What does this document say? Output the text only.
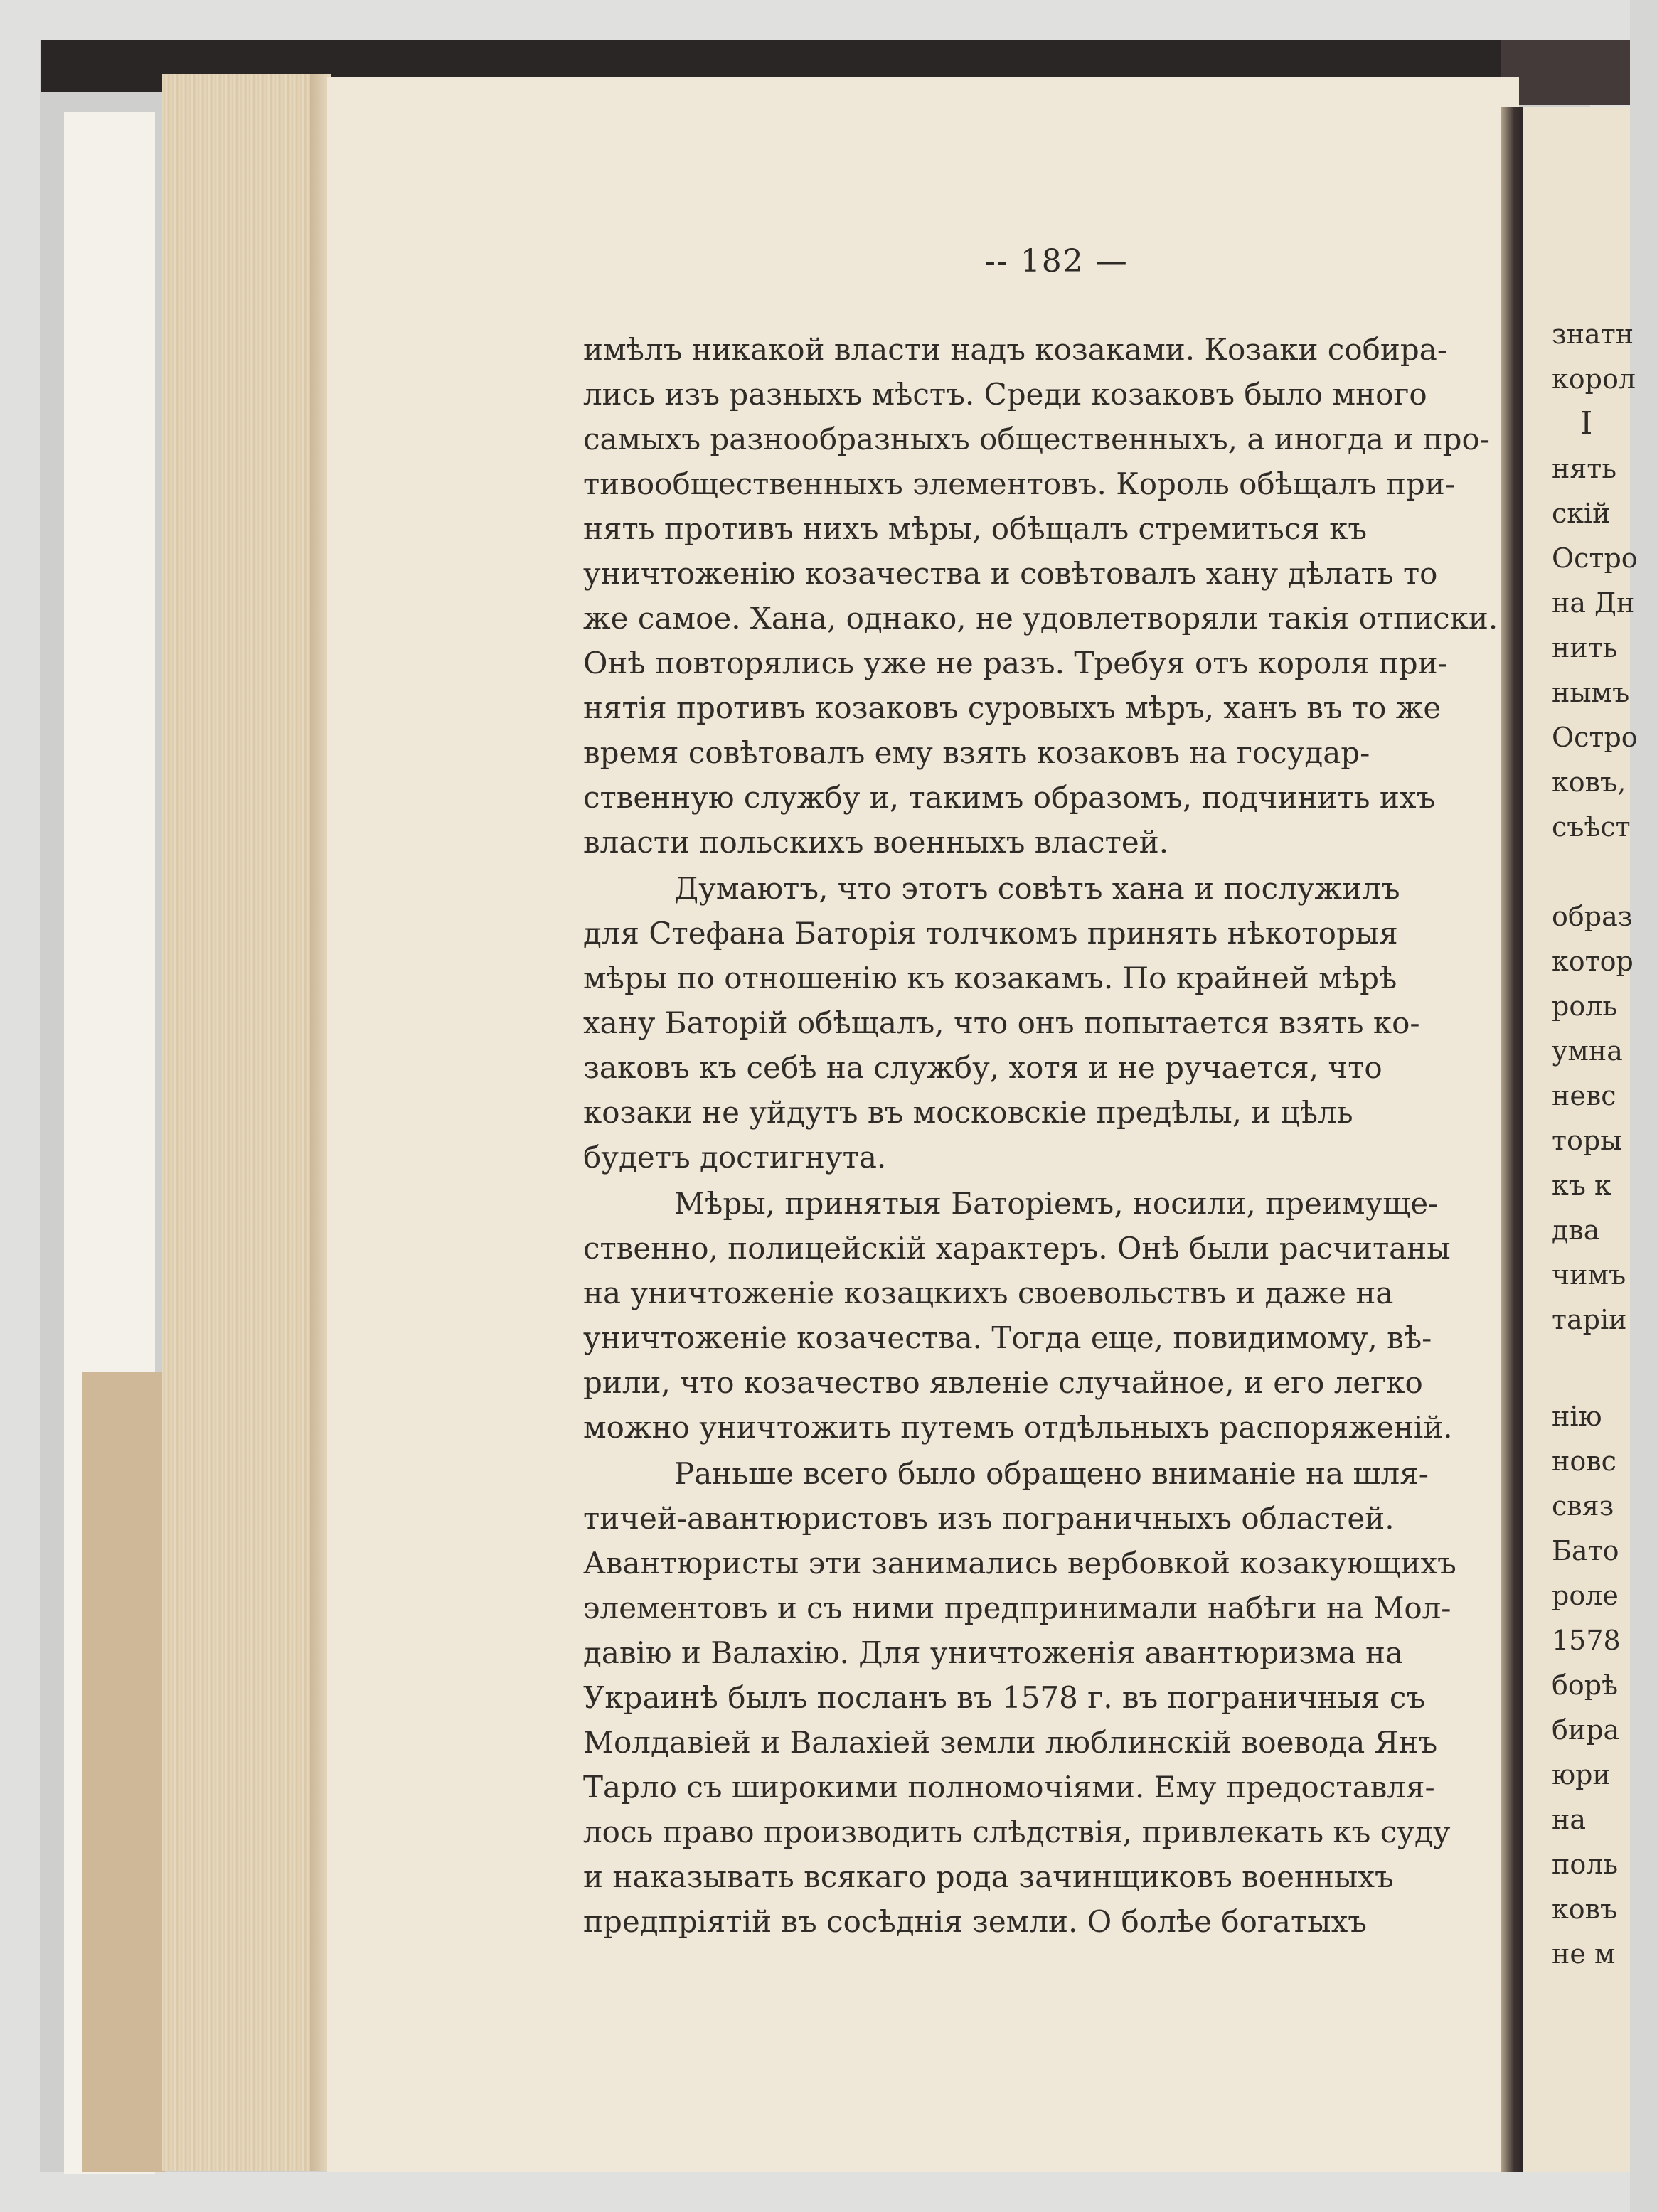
-- 182 —
имѣлъ никакой власти надъ козаками. Козаки собира-
лись изъ разныхъ мѣстъ. Среди козаковъ было много
самыхъ разнообразныхъ общественныхъ, а иногда и про-
тивообщественныхъ элементовъ. Король обѣщалъ при-
нять противъ нихъ мѣры, обѣщалъ стремиться къ
уничтоженію козачества и совѣтовалъ хану дѣлать то
же самое. Хана, однако, не удовлетворяли такія отписки.
Онѣ повторялись уже не разъ. Требуя отъ короля при-
нятія противъ козаковъ суровыхъ мѣръ, ханъ въ то же
время совѣтовалъ ему взять козаковъ на государ-
ственную службу и, такимъ образомъ, подчинить ихъ
власти польскихъ военныхъ властей.
Думаютъ, что этотъ совѣтъ хана и послужилъ
для Стефана Баторія толчкомъ принять нѣкоторыя
мѣры по отношенію къ козакамъ. По крайней мѣрѣ
хану Баторій обѣщалъ, что онъ попытается взять ко-
заковъ къ себѣ на службу, хотя и не ручается, что
козаки не уйдутъ въ московскіе предѣлы, и цѣль
будетъ достигнута.
Мѣры, принятыя Баторіемъ, носили, преимуще-
ственно, полицейскій характеръ. Онѣ были расчитаны
на уничтоженіе козацкихъ своевольствъ и даже на
уничтоженіе козачества. Тогда еще, повидимому, вѣ-
рили, что козачество явленіе случайное, и его легко
можно уничтожить путемъ отдѣльныхъ распоряженій.
Раньше всего было обращено вниманіе на шля-
тичей-авантюристовъ изъ пограничныхъ областей.
Авантюристы эти занимались вербовкой козакующихъ
элементовъ и съ ними предпринимали набѣги на Мол-
давію и Валахію. Для уничтоженія авантюризма на
Украинѣ былъ посланъ въ 1578 г. въ пограничныя съ
Молдавіей и Валахіей земли люблинскій воевода Янъ
Тарло съ широкими полномочіями. Ему предоставля-
лось право производить слѣдствія, привлекать къ суду
и наказывать всякаго рода зачинщиковъ военныхъ
предпріятій въ сосѣднія земли. О болѣе богатыхъ
знатн
корол
I
нять
скій
Остро
на Дн
нить
нымъ
Остро
ковъ,
съѣст
образ
котор
роль
умна
невс
торы
къ к
два
чимъ
таріи
нію
новс
связ
Бато
роле
1578
борѣ
бира
юри
на
поль
ковъ
не м
